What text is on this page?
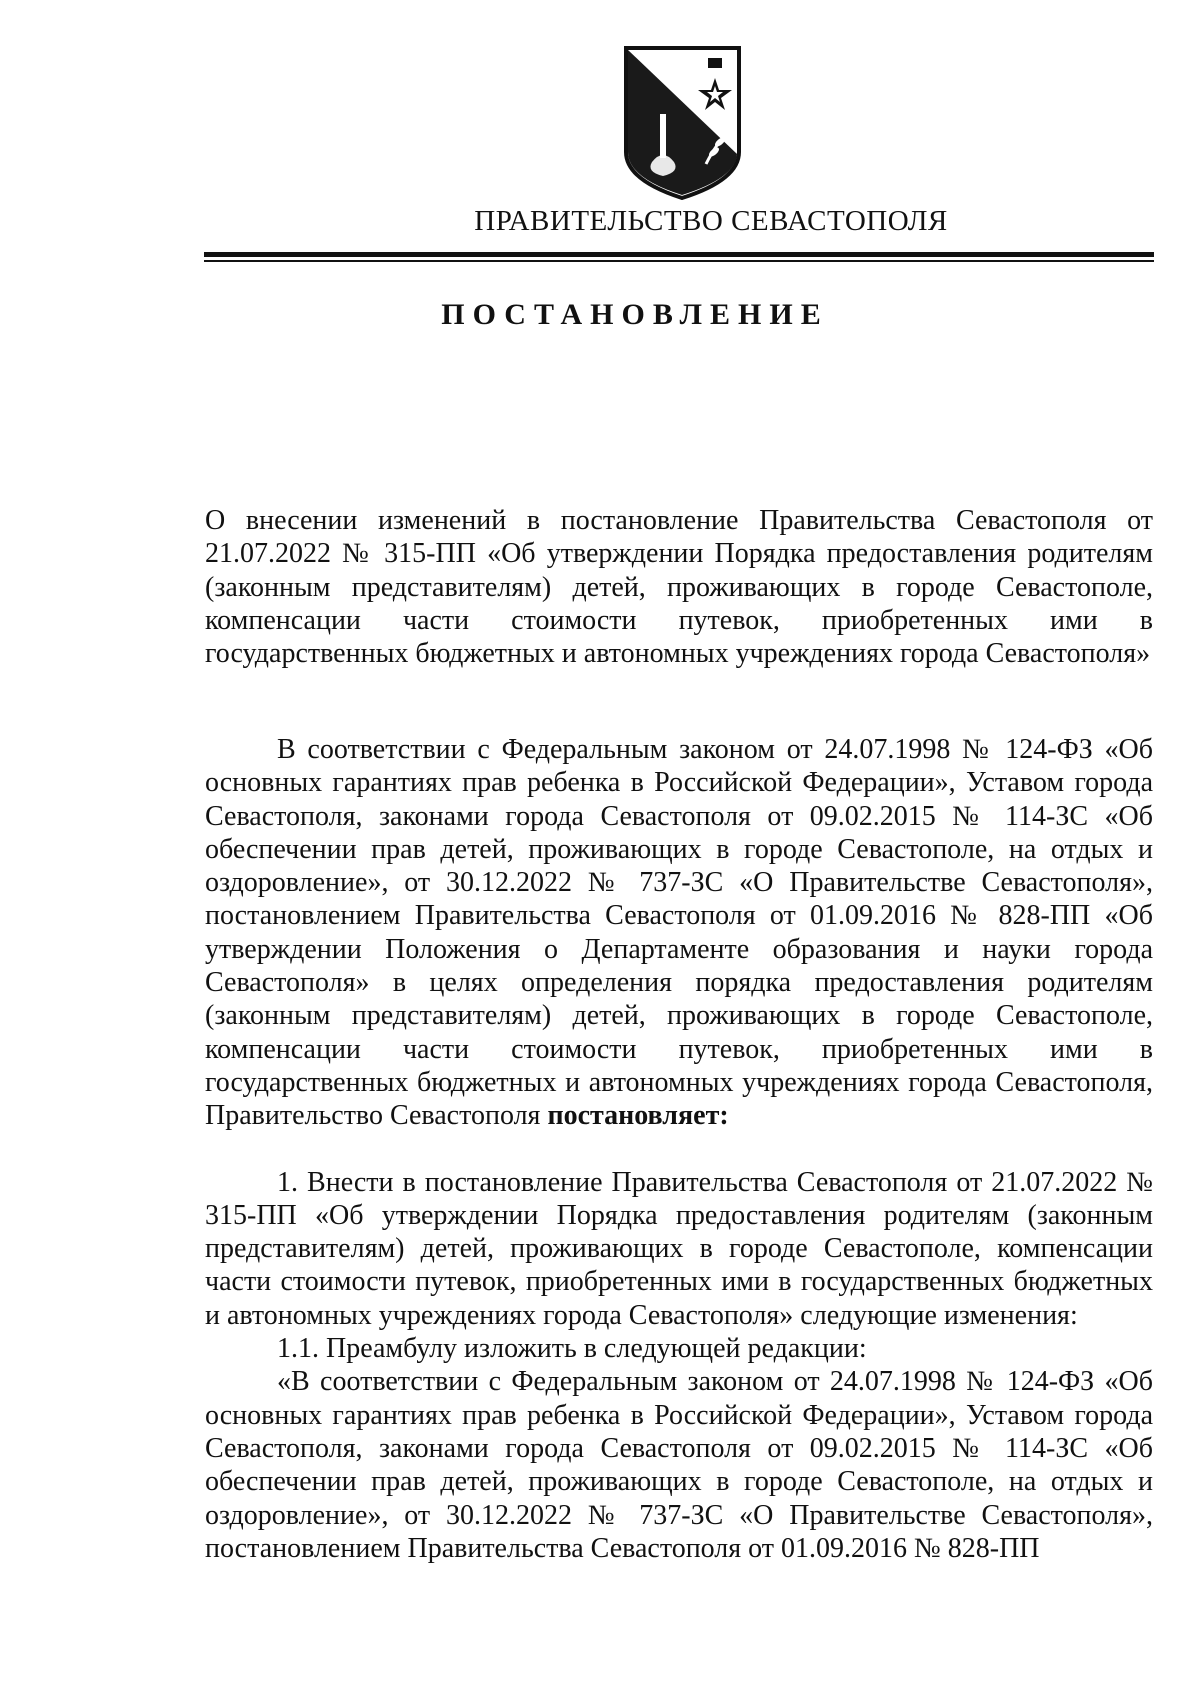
ПРАВИТЕЛЬСТВО СЕВАСТОПОЛЯ
ПОСТАНОВЛЕНИЕ

О внесении изменений в постановление Правительства Севастополя от 21.07.2022 № 315-ПП «Об утверждении Порядка предоставления родителям (законным представителям) детей, проживающих в городе Севастополе, компенсации части стоимости путевок, приобретенных ими в государственных бюджетных и автономных учреждениях города Севастополя»

В соответствии с Федеральным законом от 24.07.1998 № 124-ФЗ «Об основных гарантиях прав ребенка в Российской Федерации», Уставом города Севастополя, законами города Севастополя от 09.02.2015 № 114-ЗС «Об обеспечении прав детей, проживающих в городе Севастополе, на отдых и оздоровление», от 30.12.2022 № 737-ЗС «О Правительстве Севастополя», постановлением Правительства Севастополя от 01.09.2016 № 828-ПП «Об утверждении Положения о Департаменте образования и науки города Севастополя» в целях определения порядка предоставления родителям (законным представителям) детей, проживающих в городе Севастополе, компенсации части стоимости путевок, приобретенных ими в государственных бюджетных и автономных учреждениях города Севастополя, Правительство Севастополя постановляет:

1. Внести в постановление Правительства Севастополя от 21.07.2022 № 315-ПП «Об утверждении Порядка предоставления родителям (законным представителям) детей, проживающих в городе Севастополе, компенсации части стоимости путевок, приобретенных ими в государственных бюджетных и автономных учреждениях города Севастополя» следующие изменения:

1.1. Преамбулу изложить в следующей редакции:

«В соответствии с Федеральным законом от 24.07.1998 № 124-ФЗ «Об основных гарантиях прав ребенка в Российской Федерации», Уставом города Севастополя, законами города Севастополя от 09.02.2015 № 114-ЗС «Об обеспечении прав детей, проживающих в городе Севастополе, на отдых и оздоровление», от 30.12.2022 № 737-ЗС «О Правительстве Севастополя», постановлением Правительства Севастополя от 01.09.2016 № 828-ПП
